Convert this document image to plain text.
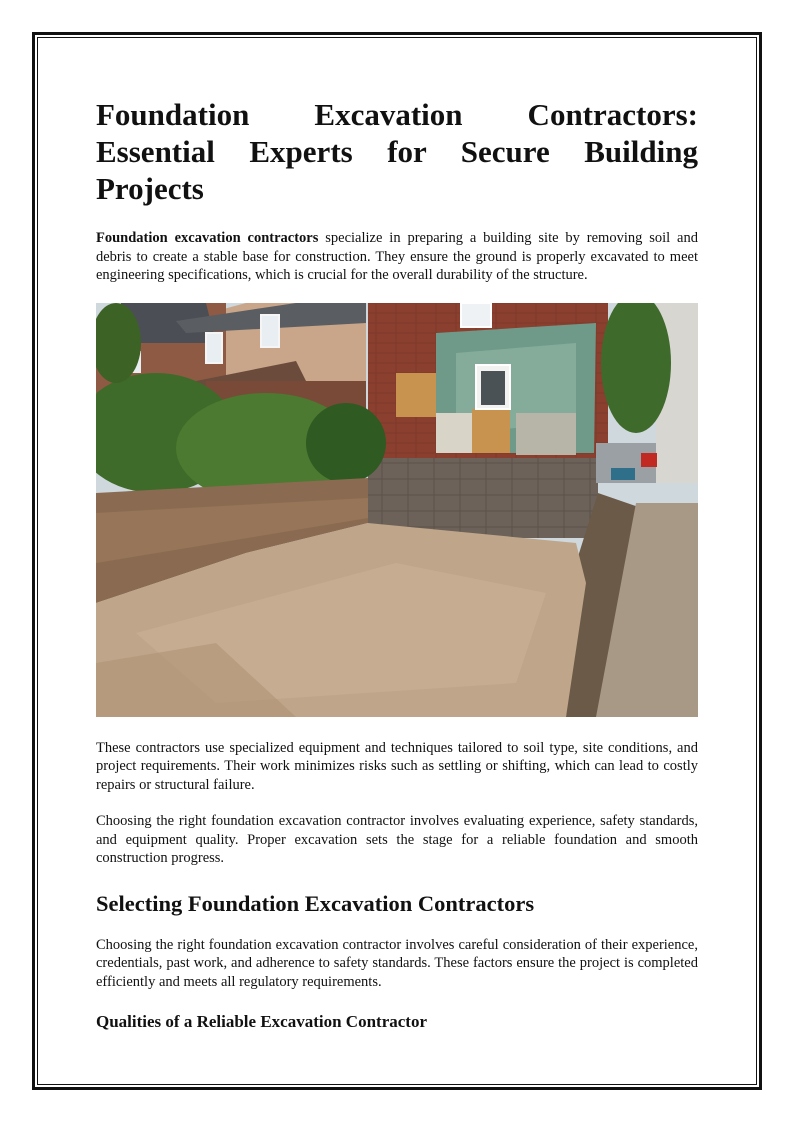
Foundation Excavation Contractors: Essential Experts for Secure Building Projects

Foundation excavation contractors specialize in preparing a building site by removing soil and debris to create a stable base for construction. They ensure the ground is properly excavated to meet engineering specifications, which is crucial for the overall durability of the structure.

These contractors use specialized equipment and techniques tailored to soil type, site conditions, and project requirements. Their work minimizes risks such as settling or shifting, which can lead to costly repairs or structural failure.

Choosing the right foundation excavation contractor involves evaluating experience, safety standards, and equipment quality. Proper excavation sets the stage for a reliable foundation and smooth construction progress.

Selecting Foundation Excavation Contractors

Choosing the right foundation excavation contractor involves careful consideration of their experience, credentials, past work, and adherence to safety standards. These factors ensure the project is completed efficiently and meets all regulatory requirements.

Qualities of a Reliable Excavation Contractor
